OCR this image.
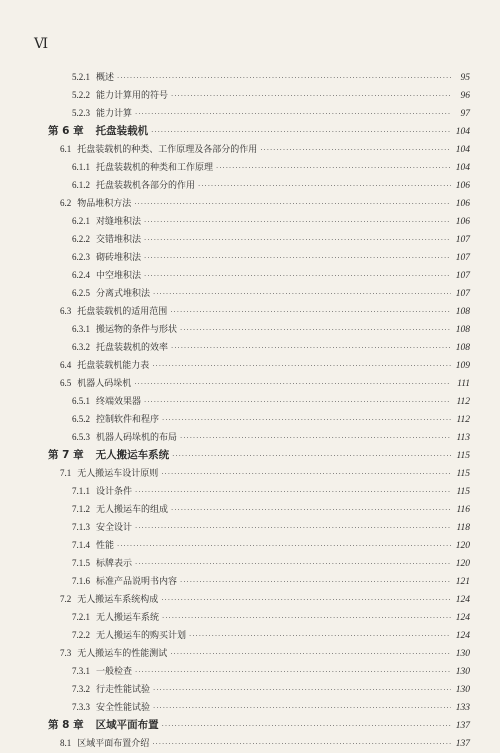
Ⅵ
5.2.1 概述 ·····	95
5.2.2 能力计算用的符号 ·····	96
5.2.3 能力计算 ·····	97
第 6 章 托盘装载机 ·····	104
6.1 托盘装载机的种类、工作原理及各部分的作用 ·····	104
6.1.1 托盘装载机的种类和工作原理 ·····	104
6.1.2 托盘装载机各部分的作用 ·····	106
6.2 物品堆积方法 ·····	106
6.2.1 对缝堆积法 ·····	106
6.2.2 交错堆积法 ·····	107
6.2.3 砌砖堆积法 ·····	107
6.2.4 中空堆积法 ·····	107
6.2.5 分离式堆积法 ·····	107
6.3 托盘装载机的适用范围 ·····	108
6.3.1 搬运物的条件与形状 ·····	108
6.3.2 托盘装载机的效率 ·····	108
6.4 托盘装载机能力表 ·····	109
6.5 机器人码垛机 ·····	111
6.5.1 终端效果器 ·····	112
6.5.2 控制软件和程序 ·····	112
6.5.3 机器人码垛机的布局 ·····	113
第 7 章 无人搬运车系统 ·····	115
7.1 无人搬运车设计原则 ·····	115
7.1.1 设计条件 ·····	115
7.1.2 无人搬运车的组成 ·····	116
7.1.3 安全设计 ·····	118
7.1.4 性能 ·····	120
7.1.5 标牌表示 ·····	120
7.1.6 标准产品说明书内容 ·····	121
7.2 无人搬运车系统构成 ·····	124
7.2.1 无人搬运车系统 ·····	124
7.2.2 无人搬运车的购买计划 ·····	124
7.3 无人搬运车的性能测试 ·····	130
7.3.1 一般检查 ·····	130
7.3.2 行走性能试验 ·····	130
7.3.3 安全性能试验 ·····	133
第 8 章 区域平面布置 ·····	137
8.1 区域平面布置介绍 ·····	137
